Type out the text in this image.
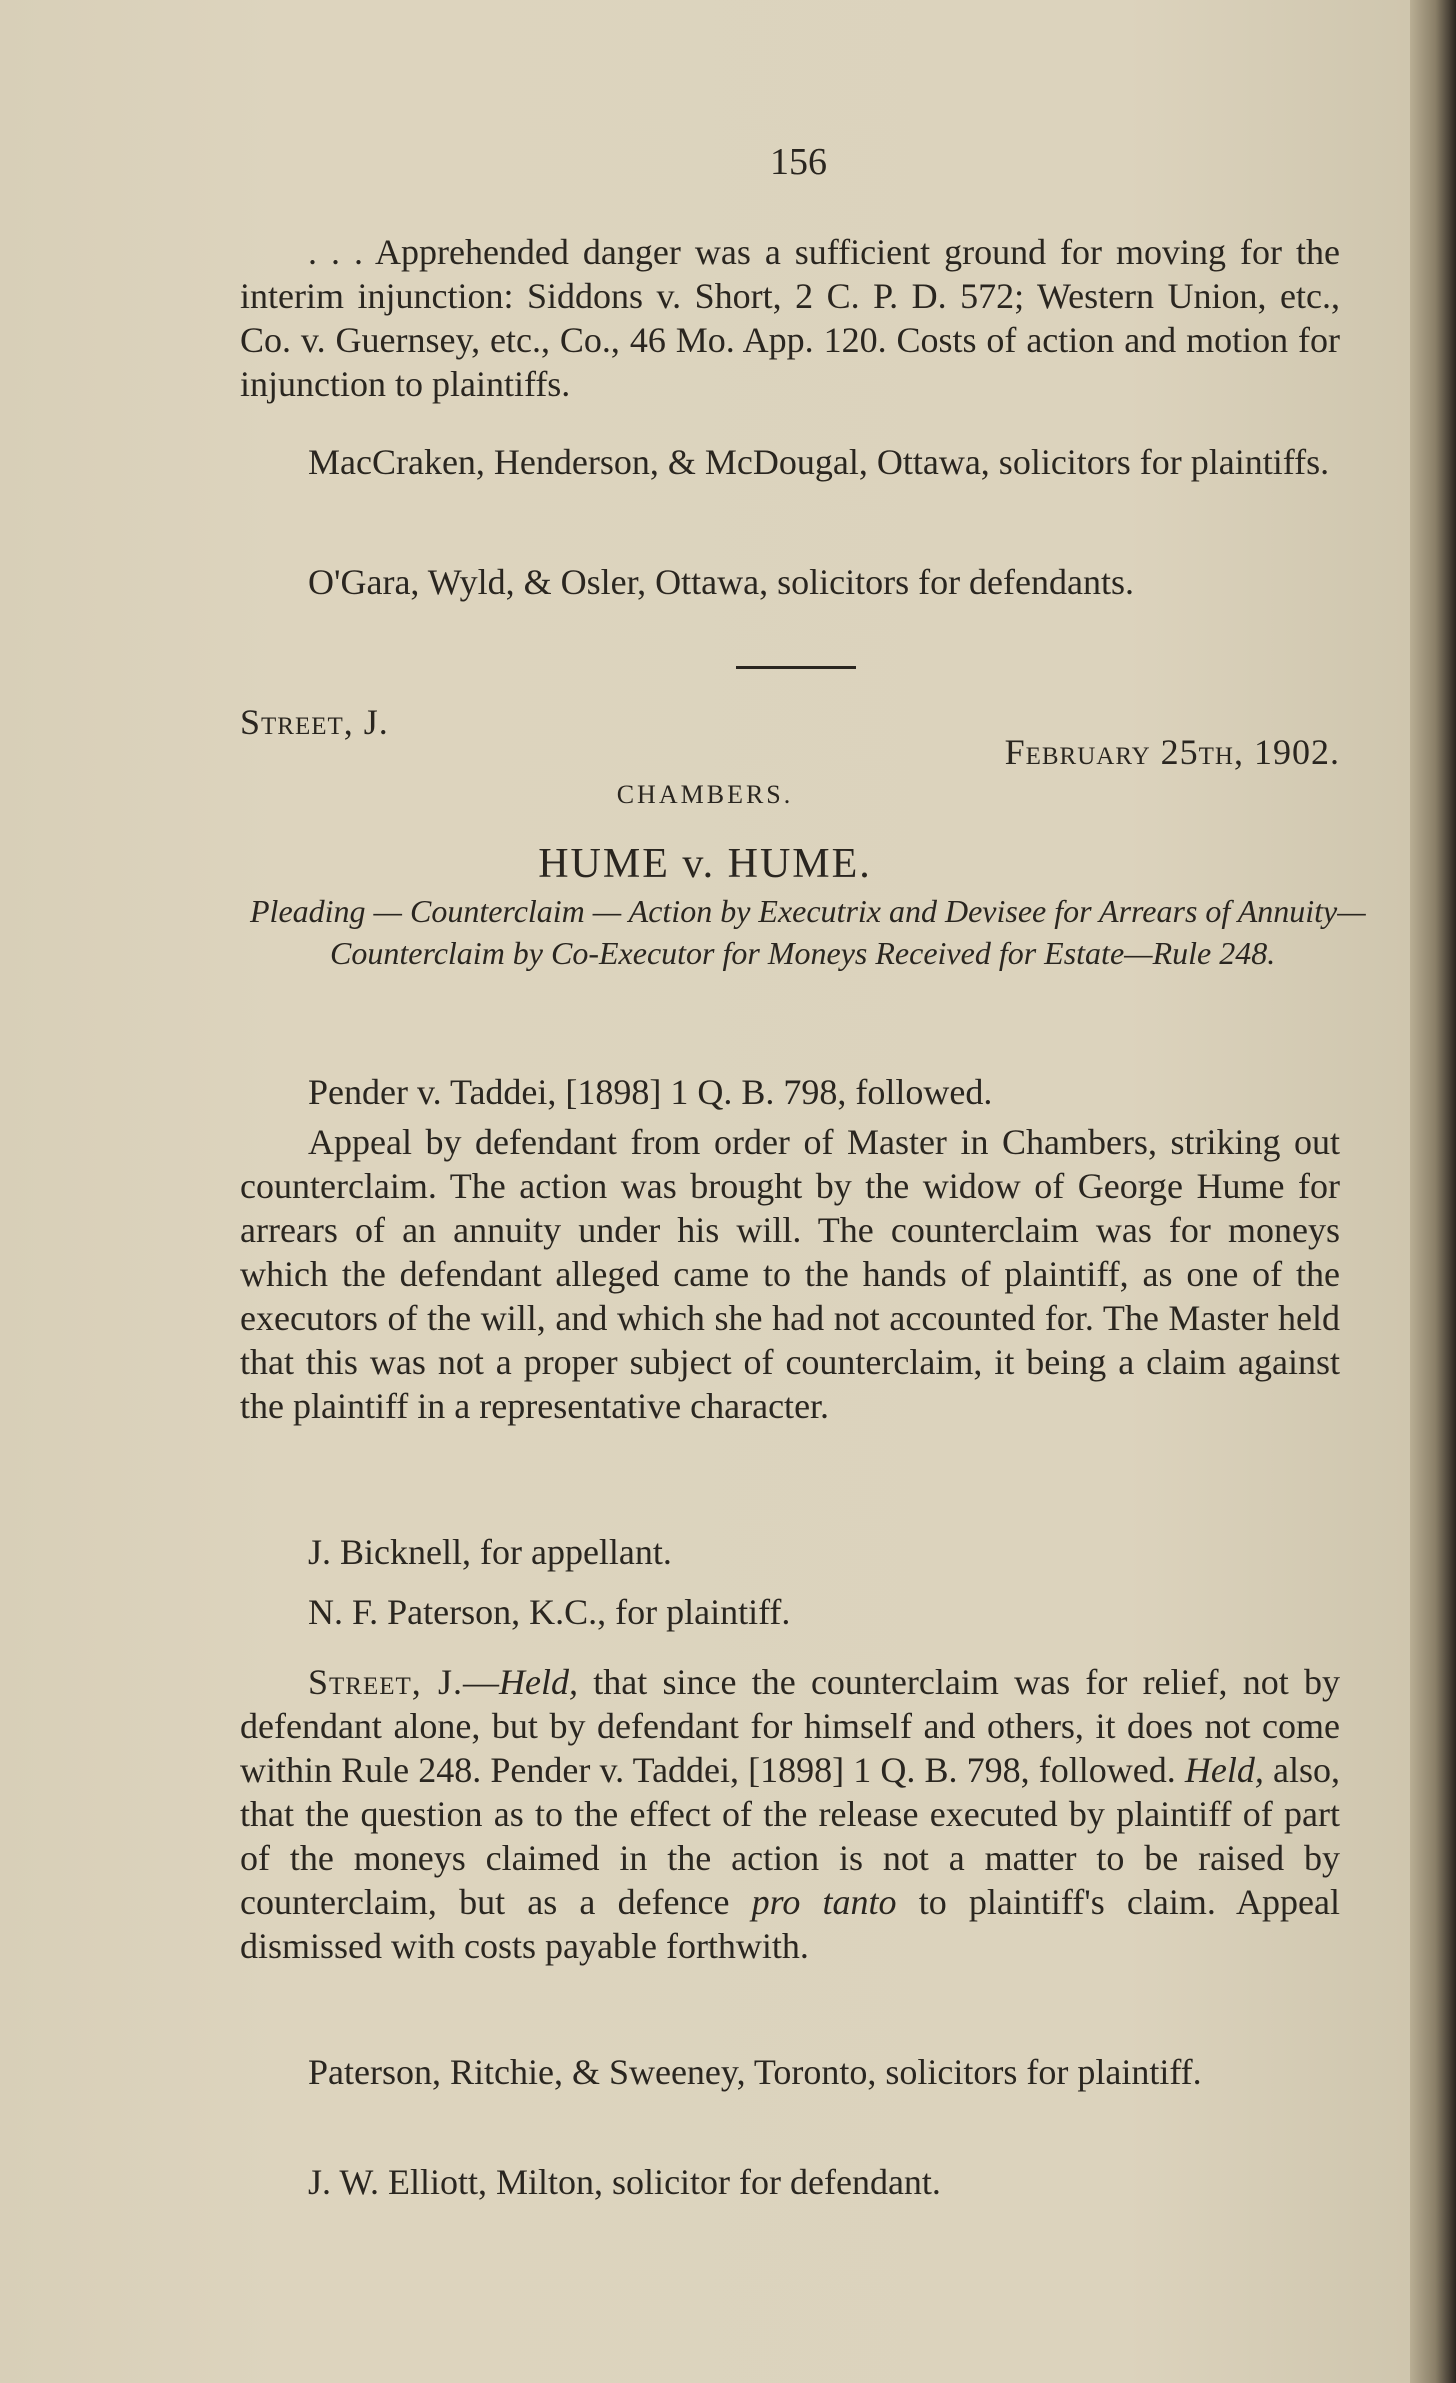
156

. . . Apprehended danger was a sufficient ground for moving for the interim injunction: Siddons v. Short, 2 C. P. D. 572; Western Union, etc., Co. v. Guernsey, etc., Co., 46 Mo. App. 120. Costs of action and motion for injunction to plaintiffs.

MacCraken, Henderson, & McDougal, Ottawa, solicitors for plaintiffs.

O'Gara, Wyld, & Osler, Ottawa, solicitors for defendants.

Street, J.
February 25th, 1902.
CHAMBERS.
HUME v. HUME.
Pleading — Counterclaim — Action by Executrix and Devisee for Arrears of Annuity—Counterclaim by Co-Executor for Moneys Received for Estate—Rule 248.

Pender v. Taddei, [1898] 1 Q. B. 798, followed.

Appeal by defendant from order of Master in Chambers, striking out counterclaim. The action was brought by the widow of George Hume for arrears of an annuity under his will. The counterclaim was for moneys which the defendant alleged came to the hands of plaintiff, as one of the executors of the will, and which she had not accounted for. The Master held that this was not a proper subject of counterclaim, it being a claim against the plaintiff in a representative character.

J. Bicknell, for appellant.

N. F. Paterson, K.C., for plaintiff.

Street, J.—Held, that since the counterclaim was for relief, not by defendant alone, but by defendant for himself and others, it does not come within Rule 248. Pender v. Taddei, [1898] 1 Q. B. 798, followed. Held, also, that the question as to the effect of the release executed by plaintiff of part of the moneys claimed in the action is not a matter to be raised by counterclaim, but as a defence pro tanto to plaintiff's claim. Appeal dismissed with costs payable forthwith.

Paterson, Ritchie, & Sweeney, Toronto, solicitors for plaintiff.

J. W. Elliott, Milton, solicitor for defendant.
